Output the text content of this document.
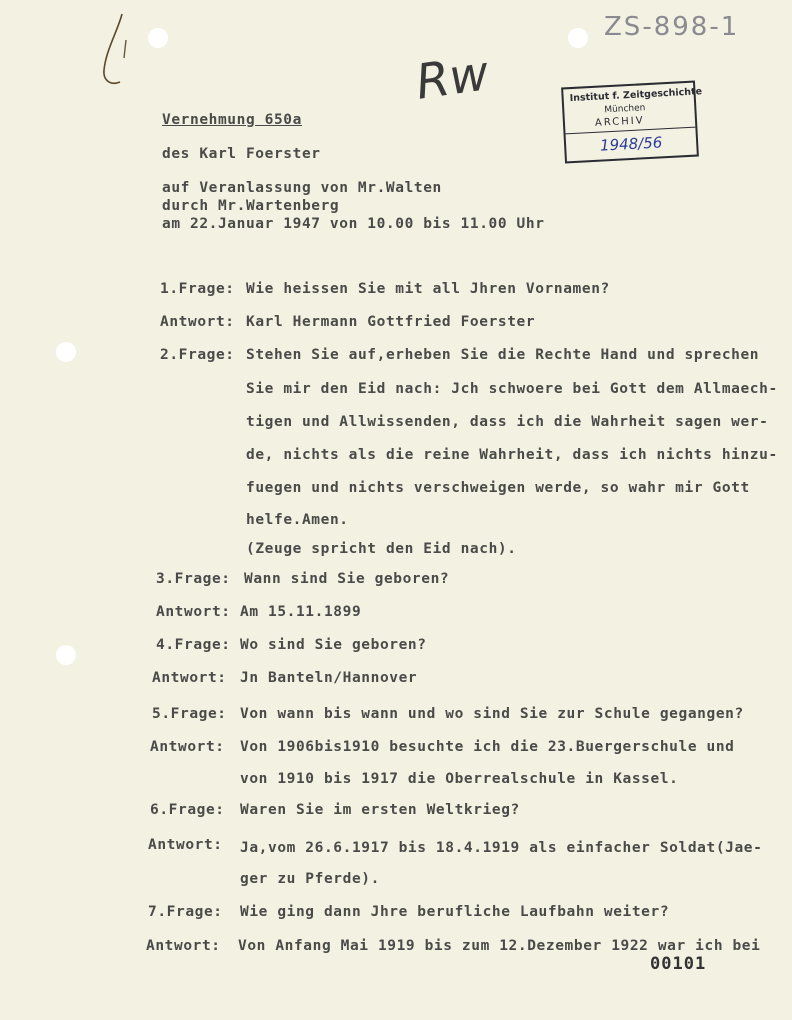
Rw
ZS-898-1
Institut f. Zeitgeschichte
München
ARCHIV
1948/56
Vernehmung 650a
des Karl Foerster
auf Veranlassung von Mr.Walten
durch Mr.Wartenberg
am 22.Januar 1947 von 10.00 bis 11.00 Uhr
1.Frage: Wie heissen Sie mit all Jhren Vornamen?
Antwort: Karl Hermann Gottfried Foerster
2.Frage: Stehen Sie auf,erheben Sie die Rechte Hand und sprechen
Sie mir den Eid nach: Jch schwoere bei Gott dem Allmaech-
tigen und Allwissenden, dass ich die Wahrheit sagen wer-
de, nichts als die reine Wahrheit, dass ich nichts hinzu-
fuegen und nichts verschweigen werde, so wahr mir Gott
helfe.Amen.
(Zeuge spricht den Eid nach).
3.Frage: Wann sind Sie geboren?
Antwort: Am 15.11.1899
4.Frage: Wo sind Sie geboren?
Antwort: Jn Banteln/Hannover
5.Frage: Von wann bis wann und wo sind Sie zur Schule gegangen?
Antwort: Von 1906bis1910 besuchte ich die 23.Buergerschule und
von 1910 bis 1917 die Oberrealschule in Kassel.
6.Frage: Waren Sie im ersten Weltkrieg?
Antwort: Ja,vom 26.6.1917 bis 18.4.1919 als einfacher Soldat(Jae-
ger zu Pferde).
7.Frage: Wie ging dann Jhre berufliche Laufbahn weiter?
Antwort: Von Anfang Mai 1919 bis zum 12.Dezember 1922 war ich bei
00101
